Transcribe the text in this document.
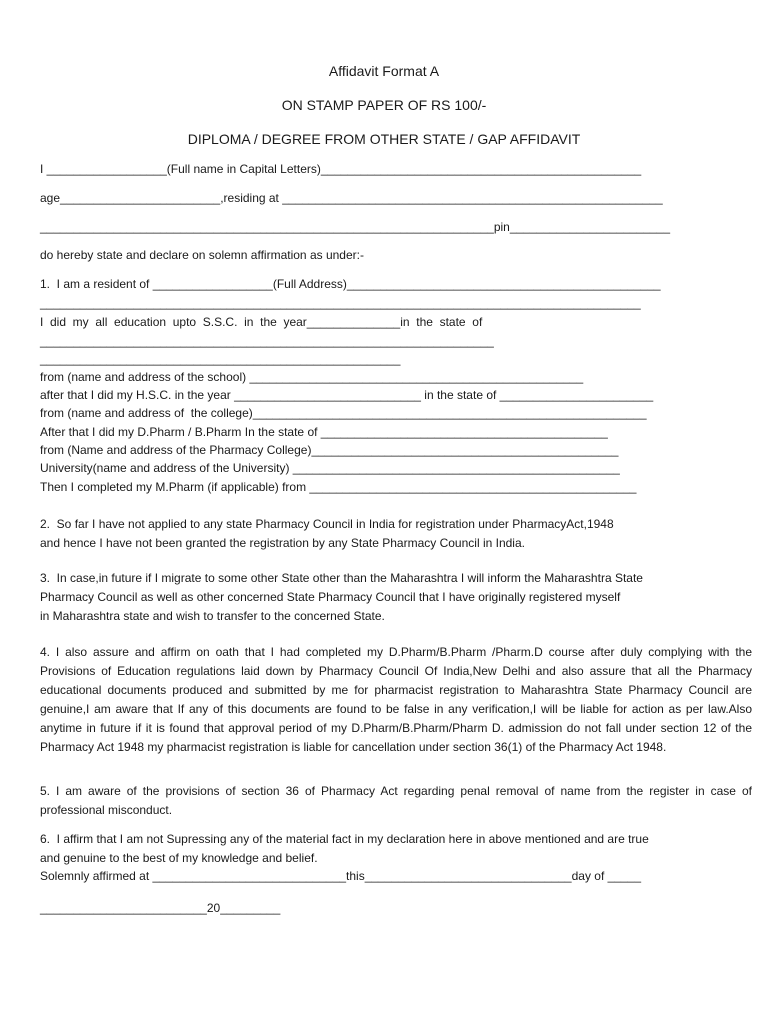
Affidavit Format A
ON STAMP PAPER OF RS 100/-
DIPLOMA / DEGREE FROM OTHER STATE / GAP AFFIDAVIT

I __________________(Full name in Capital Letters)________________________________________________

age________________________,residing at _________________________________________________________

____________________________________________________________________pin________________________

do hereby state and declare on solemn affirmation as under:-

1.  I am a resident of __________________(Full Address)_______________________________________________

__________________________________________________________________________________________

I  did  my  all  education  upto  S.S.C.  in  the  year______________in  the  state  of

____________________________________________________________________

______________________________________________________

from (name and address of the school) __________________________________________________

after that I did my H.S.C. in the year ____________________________ in the state of _______________________

from (name and address of  the college)___________________________________________________________

After that I did my D.Pharm / B.Pharm In the state of ___________________________________________

from (Name and address of the Pharmacy College)______________________________________________

University(name and address of the University) _________________________________________________

Then I completed my M.Pharm (if applicable) from _________________________________________________

2.  So far I have not applied to any state Pharmacy Council in India for registration under PharmacyAct,1948

and hence I have not been granted the registration by any State Pharmacy Council in India.

3.  In case,in future if I migrate to some other State other than the Maharashtra I will inform the Maharashtra State

Pharmacy Council as well as other concerned State Pharmacy Council that I have originally registered myself

in Maharashtra state and wish to transfer to the concerned State.

4. I also assure and affirm on oath that I had completed my D.Pharm/B.Pharm /Pharm.D course after duly complying with the Provisions of Education regulations laid down by Pharmacy Council Of India,New Delhi and also assure that all the Pharmacy educational documents produced and submitted by me for pharmacist registration to Maharashtra State Pharmacy Council are genuine,I am aware that If any of this documents are found to be false in any verification,I will be liable for action as per law.Also anytime in future if it is found that approval period of my D.Pharm/B.Pharm/Pharm D. admission do not fall under section 12 of the Pharmacy Act 1948 my pharmacist registration is liable for cancellation under section 36(1) of the Pharmacy Act 1948.

5. I am aware of the provisions of section 36 of Pharmacy Act regarding penal removal of name from the register in case of professional misconduct.

6.  I affirm that I am not Supressing any of the material fact in my declaration here in above mentioned and are true

and genuine to the best of my knowledge and belief.

Solemnly affirmed at _____________________________this_______________________________day of _____

_________________________20_________
